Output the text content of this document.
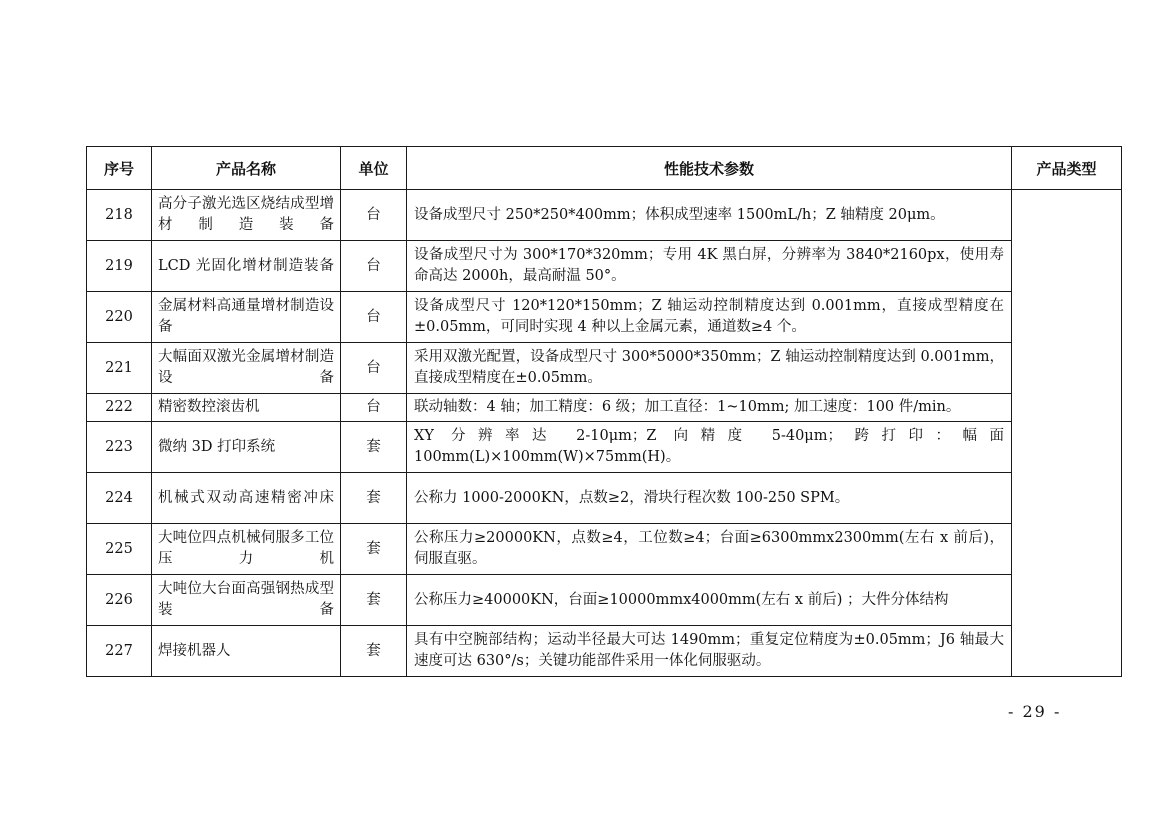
序号	产品名称	单位	性能技术参数	产品类型
218	高分子激光选区烧结成型增材制造装备	台	设备成型尺寸 250*250*400mm；体积成型速率 1500mL/h；Z 轴精度 20μm。	
219	LCD 光固化增材制造装备	台	设备成型尺寸为 300*170*320mm；专用 4K 黑白屏，分辨率为 3840*2160px，使用寿命高达 2000h，最高耐温 50°。	
220	金属材料高通量增材制造设备	台	设备成型尺寸 120*120*150mm；Z 轴运动控制精度达到 0.001mm，直接成型精度在±0.05mm，可同时实现 4 种以上金属元素，通道数≥4 个。	
221	大幅面双激光金属增材制造设备	台	采用双激光配置，设备成型尺寸 300*5000*350mm；Z 轴运动控制精度达到 0.001mm，直接成型精度在±0.05mm。	
222	精密数控滚齿机	台	联动轴数：4 轴；加工精度：6 级；加工直径：1~10mm; 加工速度：100 件/min。	
223	微纳 3D 打印系统	套	XY 分辨率达 2-10μm；Z 向精度 5-40μm；跨打印：幅面 100mm(L)×100mm(W)×75mm(H)。	
224	机械式双动高速精密冲床	套	公称力 1000-2000KN，点数≥2，滑块行程次数 100-250 SPM。	
225	大吨位四点机械伺服多工位压力机	套	公称压力≥20000KN，点数≥4，工位数≥4；台面≥6300mmx2300mm(左右 x 前后)，伺服直驱。	
226	大吨位大台面高强钢热成型装备	套	公称压力≥40000KN，台面≥10000mmx4000mm(左右 x 前后) ；大件分体结构	
227	焊接机器人	套	具有中空腕部结构；运动半径最大可达 1490mm；重复定位精度为±0.05mm；J6 轴最大速度可达 630°/s；关键功能部件采用一体化伺服驱动。	
- 29 -
